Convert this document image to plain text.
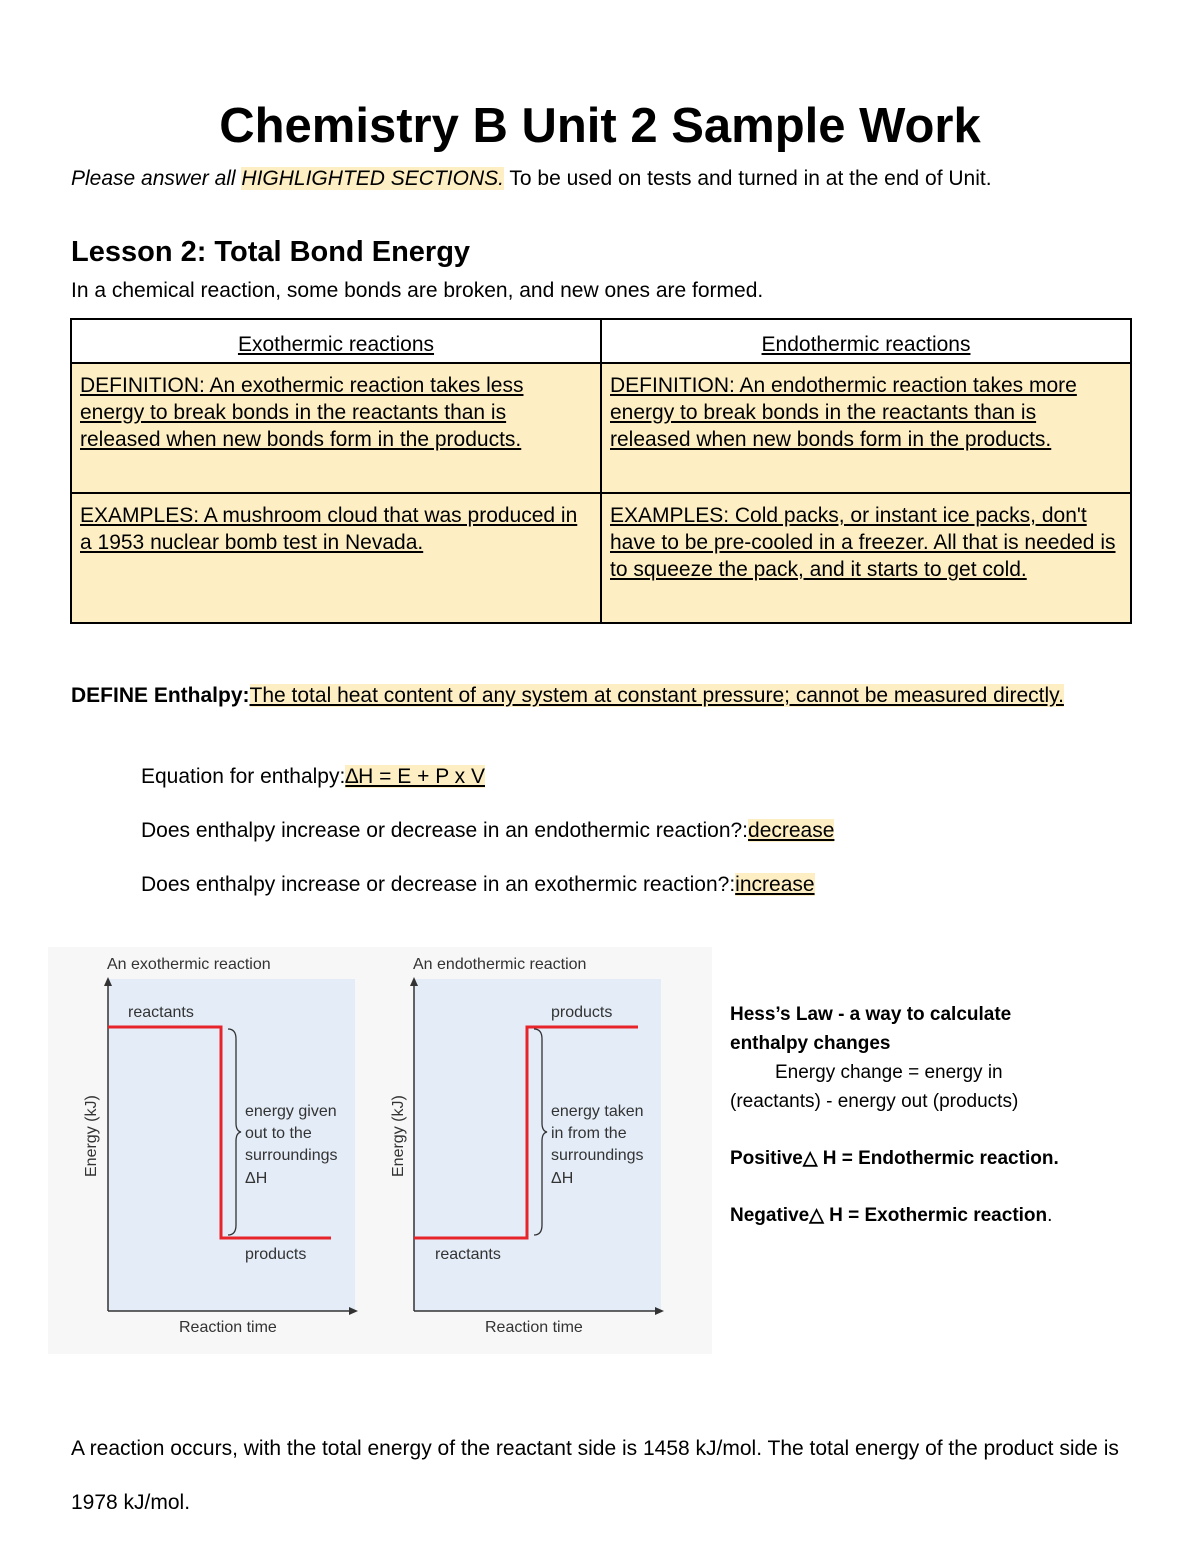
Chemistry B Unit 2 Sample Work
Please answer all HIGHLIGHTED SECTIONS. To be used on tests and turned in at the end of Unit.
Lesson 2: Total Bond Energy
In a chemical reaction, some bonds are broken, and new ones are formed.
Exothermic reactions	Endothermic reactions
DEFINITION: An exothermic reaction takes less energy to break bonds in the reactants than is released when new bonds form in the products.	DEFINITION: An endothermic reaction takes more energy to break bonds in the reactants than is released when new bonds form in the products.
EXAMPLES: A mushroom cloud that was produced in a 1953 nuclear bomb test in Nevada.	EXAMPLES: Cold packs, or instant ice packs, don't have to be pre-cooled in a freezer. All that is needed is to squeeze the pack, and it starts to get cold.
DEFINE Enthalpy:The total heat content of any system at constant pressure; cannot be measured directly.
Equation for enthalpy:∆H = E + P x V
Does enthalpy increase or decrease in an endothermic reaction?:decrease
Does enthalpy increase or decrease in an exothermic reaction?:increase
An exothermic reaction
reactants
products
energy given
out to the
surroundings
ΔH
Energy (kJ)
Reaction time
An endothermic reaction
products
reactants
energy taken
in from the
surroundings
ΔH
Energy (kJ)
Reaction time
Hess’s Law - a way to calculate
enthalpy changes
Energy change = energy in
(reactants) - energy out (products)
Positive△ H = Endothermic reaction.
Negative△ H = Exothermic reaction.
A reaction occurs, with the total energy of the reactant side is 1458 kJ/mol. The total energy of the product side is 1978 kJ/mol.
